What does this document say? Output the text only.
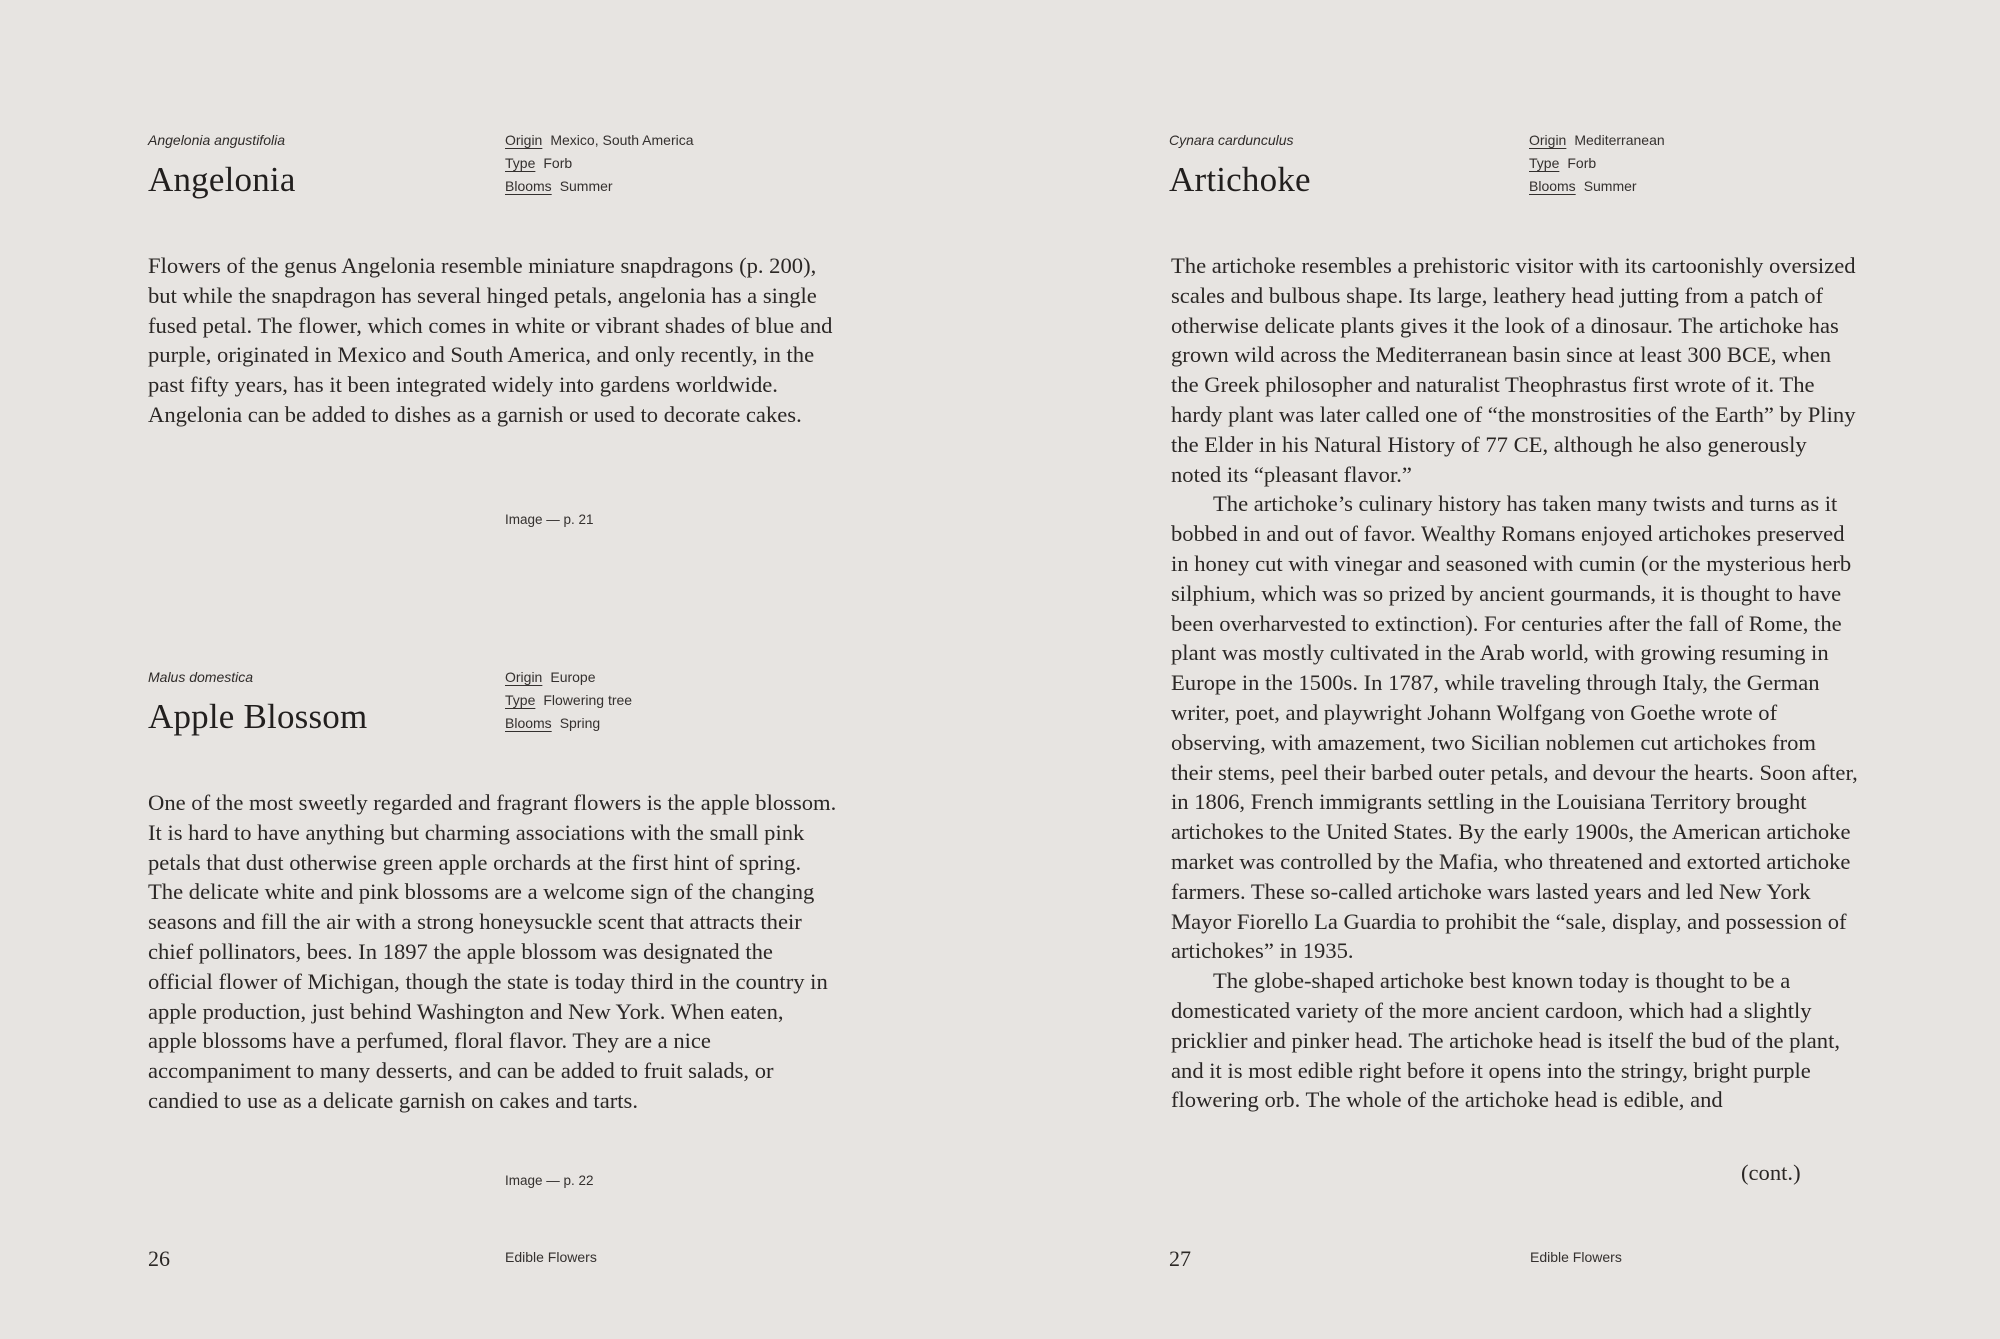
Angelonia angustifolia
Angelonia
Origin Mexico, South America
Type Forb
Blooms Summer

Flowers of the genus Angelonia resemble miniature snapdragons (p. 200), but while the snapdragon has several hinged petals, angelonia has a single fused petal. The flower, which comes in white or vibrant shades of blue and purple, originated in Mexico and South America, and only recently, in the past fifty years, has it been integrated widely into gardens worldwide. Angelonia can be added to dishes as a garnish or used to decorate cakes.

Image — p. 21
Malus domestica
Apple Blossom
Origin Europe
Type Flowering tree
Blooms Spring

One of the most sweetly regarded and fragrant flowers is the apple blossom. It is hard to have anything but charming associations with the small pink petals that dust otherwise green apple orchards at the first hint of spring. The delicate white and pink blossoms are a welcome sign of the changing seasons and fill the air with a strong honeysuckle scent that attracts their chief pollinators, bees. In 1897 the apple blossom was designated the official flower of Michigan, though the state is today third in the country in apple production, just behind Washington and New York. When eaten, apple blossoms have a perfumed, floral flavor. They are a nice accompaniment to many desserts, and can be added to fruit salads, or candied to use as a delicate garnish on cakes and tarts.

Image — p. 22
26	Edible Flowers
Cynara cardunculus
Artichoke
Origin Mediterranean
Type Forb
Blooms Summer

The artichoke resembles a prehistoric visitor with its cartoonishly oversized scales and bulbous shape. Its large, leathery head jutting from a patch of otherwise delicate plants gives it the look of a dinosaur. The artichoke has grown wild across the Mediterranean basin since at least 300 BCE, when the Greek philosopher and naturalist Theophrastus first wrote of it. The hardy plant was later called one of “the monstrosities of the Earth” by Pliny the Elder in his Natural History of 77 CE, although he also generously noted its “pleasant flavor.”

The artichoke’s culinary history has taken many twists and turns as it bobbed in and out of favor. Wealthy Romans enjoyed artichokes preserved in honey cut with vinegar and seasoned with cumin (or the mysterious herb silphium, which was so prized by ancient gourmands, it is thought to have been overharvested to extinction). For centuries after the fall of Rome, the plant was mostly cultivated in the Arab world, with growing resuming in Europe in the 1500s. In 1787, while traveling through Italy, the German writer, poet, and playwright Johann Wolfgang von Goethe wrote of observing, with amazement, two Sicilian noblemen cut artichokes from their stems, peel their barbed outer petals, and devour the hearts. Soon after, in 1806, French immigrants settling in the Louisiana Territory brought artichokes to the United States. By the early 1900s, the American artichoke market was controlled by the Mafia, who threatened and extorted artichoke farmers. These so-called artichoke wars lasted years and led New York Mayor Fiorello La Guardia to prohibit the “sale, display, and possession of artichokes” in 1935.

The globe-shaped artichoke best known today is thought to be a domesticated variety of the more ancient cardoon, which had a slightly pricklier and pinker head. The artichoke head is itself the bud of the plant, and it is most edible right before it opens into the stringy, bright purple flowering orb. The whole of the artichoke head is edible, and

(cont.)
27	Edible Flowers
